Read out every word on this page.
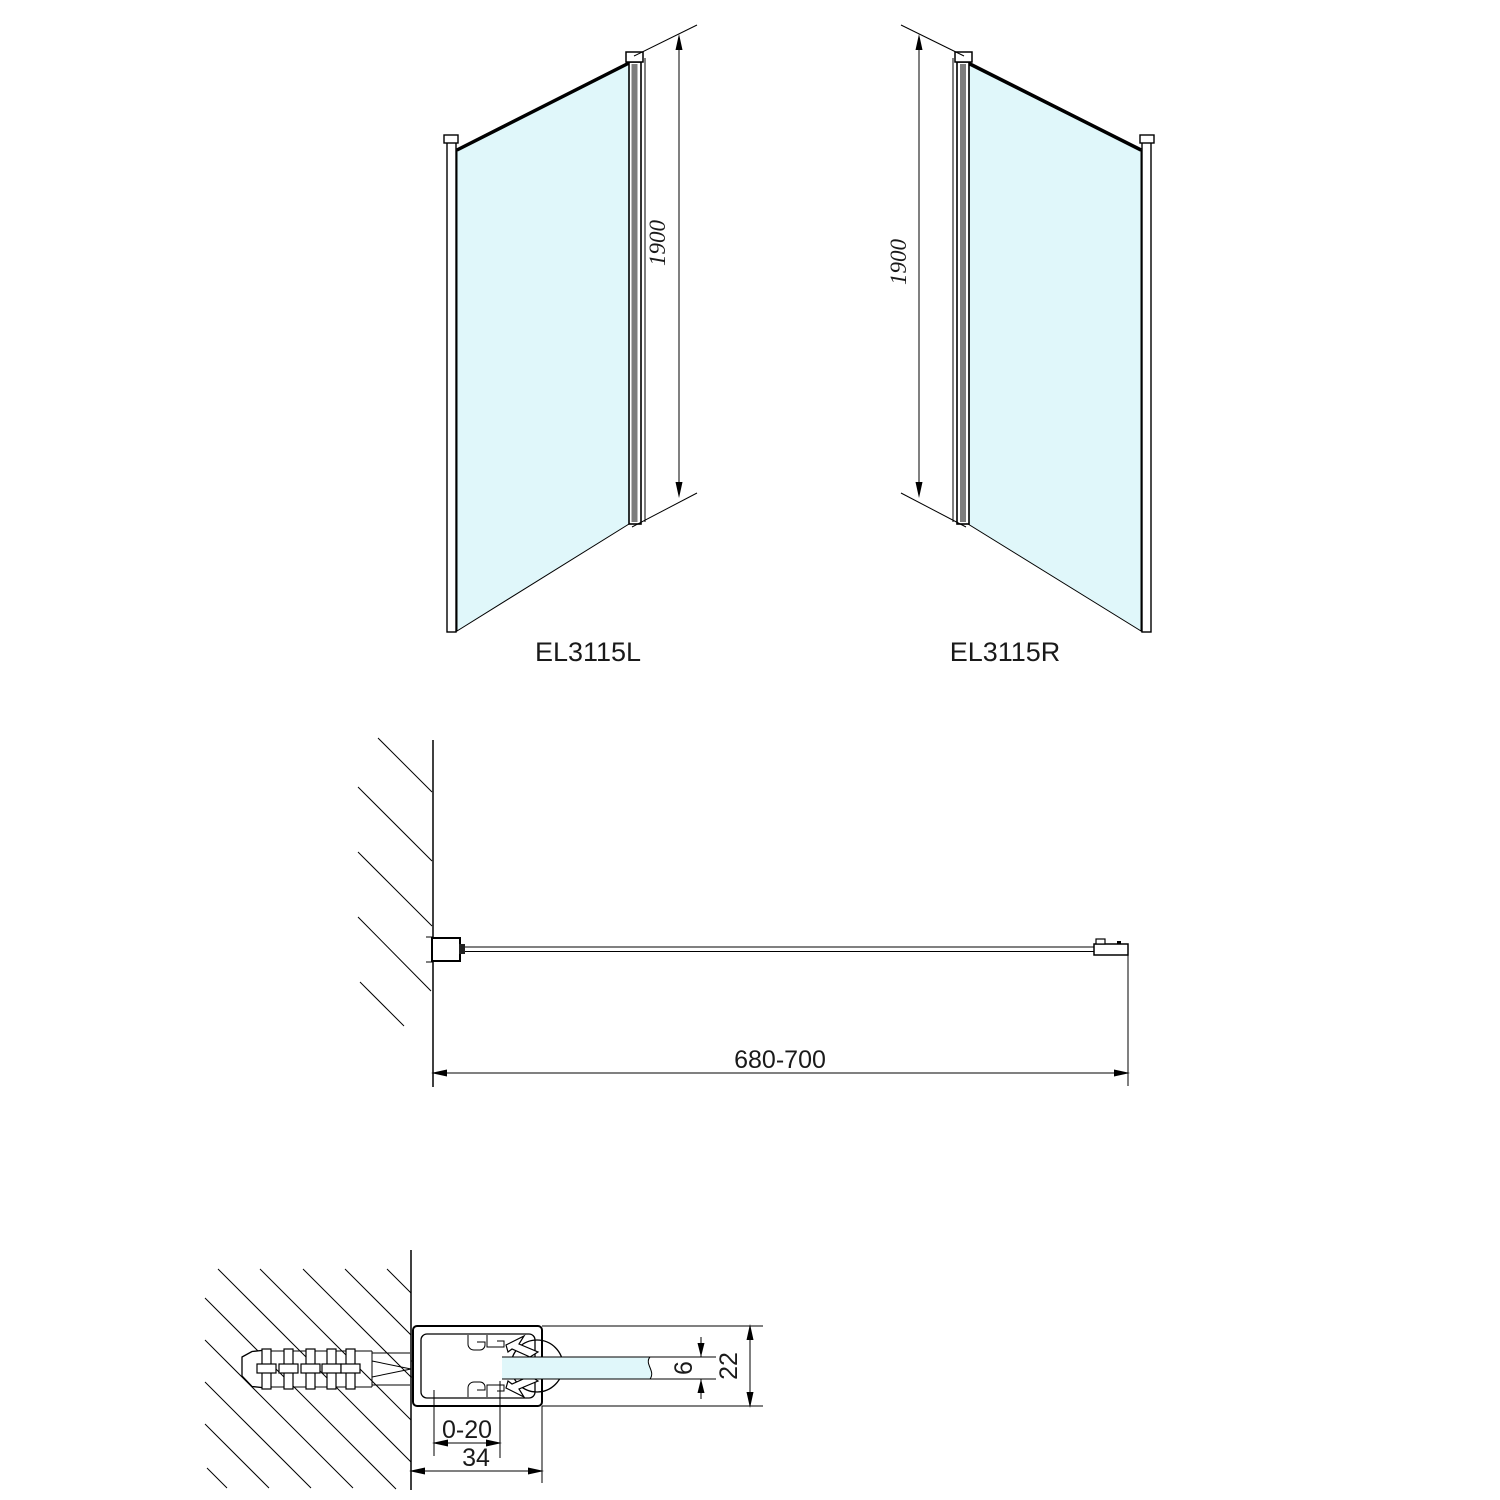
1900
EL3115L
1900
EL3115R
680-700
0-20
34
6 22
